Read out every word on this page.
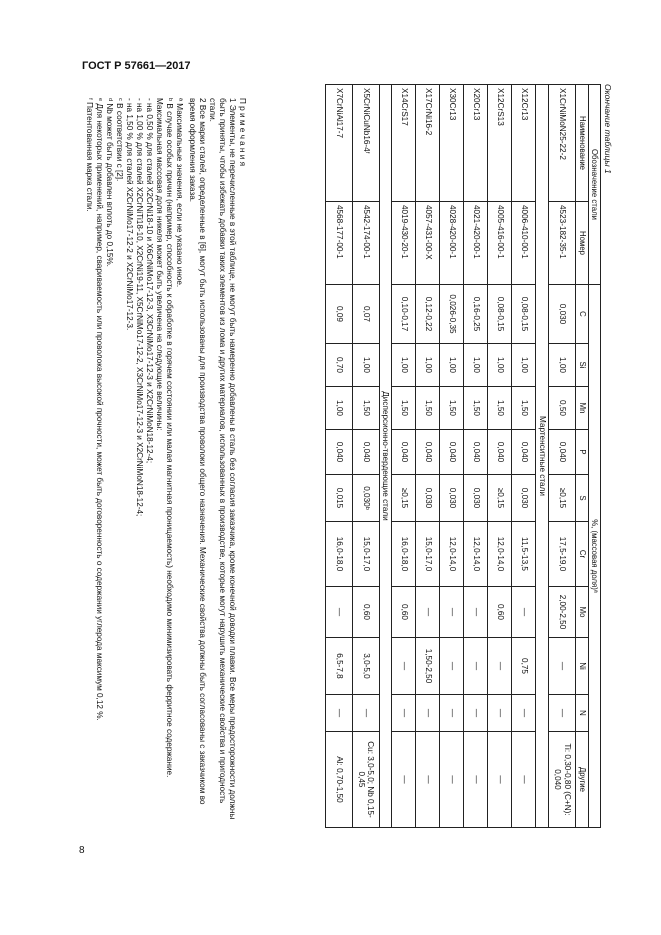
ГОСТ Р 57661—2017
8
Окончание таблицы 1
Обозначение стали		%, (массовая доля)ª									
Наименование	Номер	C	Si	Mn	P	S	Cr	Mo	Ni	N	Другие
X1CrNiMoN25-22-2	4523-182-35-1	0,030	1,00	0,50	0,040	≥0,15	17,5-19,0	2,00-2,50	—	—	Ti: 0,30-0,80 (C+N): 0,040
Мартенситные стали											
X12Cr13	4006-410-00-1	0,08-0,15	1,00	1,50	0,040	0,030	11,5-13,5	—	0,75	—	—
X12CrS13	4005-416-00-1	0,08-0,15	1,00	1,50	0,040	≥0,15	12,0-14,0	0,60	—	—	—
X20Cr13	4021-420-00-1	0,16-0,25	1,00	1,50	0,040	0,030	12,0-14,0	—	—	—	—
X30Cr13	4028-420-00-1	0,026-0,35	1,00	1,50	0,040	0,030	12,0-14,0	—	—	—	—
X17CrNi16-2	4057-431-00-X	0,12-0,22	1,00	1,50	0,040	0,030	15,0-17,0	—	1,50-2,50	—	—
X14CrS17	4019-430-20-1	0,10-0,17	1,00	1,50	0,040	≥0,15	16,0-18,0	0,60	—	—	—
Дисперсионно-твердеющие стали											
X5CrNiCuNb16-4ᶠ	4542-174-00-1	0,07	1,00	1,50	0,040	0,030ᵇ	15,0-17,0	0,60	3,0-5,0	—	Cu: 3,0-5,0; Nb 0,15-0,45
X7CrNiAl17-7	4568-177-00-1	0,09	0,70	1,00	0,040	0,015	16,0-18,0	—	6,5-7,8	—	Al: 0,70-1,50

П р и м е ч а н и я

1 Элементы, не перечисленные в этой таблице, не могут быть намеренно добавлены в сталь без согласия заказчика, кроме конечной доводки плавки. Все меры предосторожности должны быть приняты, чтобы избежать добавки таких элементов из лома и других материалов, использованных в производстве, которые могут нарушить механические свойства и пригодность стали.

2 Все марки сталей, определенные в [6], могут быть использованы для производства проволоки общего назначения. Механические свойства должны быть согласованы с заказчиком во время оформления заказа.

ª Максимальные значения, если не указано иное.

ᵇ В случае особых причин (например, способность к обработке в горячем состоянии или малая магнитная проницаемость) необходимо минимизировать ферритное содержание. Максимальная массовая доля никеля может быть увеличена на следующие величины:

- на 0,50 % для сталей X2CrNi18-10 и X6CrNiMo17-12-3, X3CrNiMo17-12-3 и X2CrNiMoN18-12-4;

- на 1,00 % для сталей X2CrNiTi18-10, X2CrNi19-11, X5CrNiMo17-12-2, X3CrNiMo17-12-3 и X2CrNiMoN18-12-4;

- на 1,50 % для сталей X2CrNiMo17-12-2 и X2CrNiMo17-12-3.

ᶜ В соответствии с [2].

ᵈ Nb может быть добавлен вплоть до 0,15%.

ᵉ Для некоторых применений, например, свариваемость или проволока высокой прочности, может быть договоренность о содержании углерода максимум 0,12 %.

ᶠ Патентованная марка стали.
